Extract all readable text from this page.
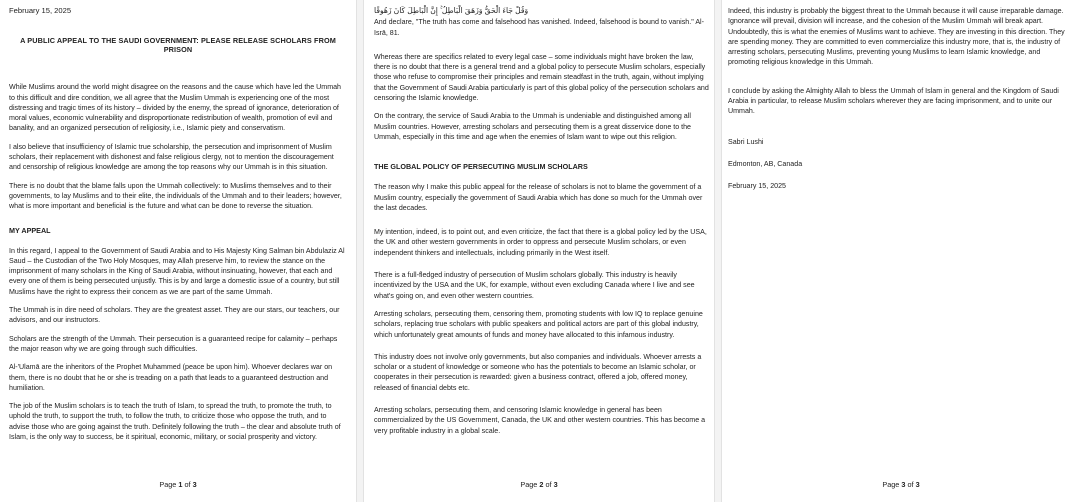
February 15, 2025

A PUBLIC APPEAL TO THE SAUDI GOVERNMENT: PLEASE RELEASE SCHOLARS FROM PRISON

While Muslims around the world might disagree on the reasons and the cause which have led the Ummah to this difficult and dire condition, we all agree that the Muslim Ummah is experiencing one of the most distressing and tragic times of its history – divided by the enemy, the spread of ignorance, deterioration of moral values, economic vulnerability and disproportionate redistribution of wealth, promotion of evil and banality, and an organized persecution of religiosity, i.e., Islamic piety and conservatism.

I also believe that insufficiency of Islamic true scholarship, the persecution and imprisonment of Muslim scholars, their replacement with dishonest and false religious clergy, not to mention the discouragement and censorship of religious knowledge are among the top reasons why our Ummah is in this situation.

There is no doubt that the blame falls upon the Ummah collectively: to Muslims themselves and to their governments, to lay Muslims and to their elite, the individuals of the Ummah and to their leaders; however, what is more important and beneficial is the future and what can be done to reverse the situation.

MY APPEAL

In this regard, I appeal to the Government of Saudi Arabia and to His Majesty King Salman bin Abdulaziz Al Saud – the Custodian of the Two Holy Mosques, may Allah preserve him, to review the stance on the imprisonment of many scholars in the King of Saudi Arabia, without insinuating, however, that each and every one of them is being persecuted unjustly. This is by and large a domestic issue of a country, but still Muslims have the right to express their concern as we are part of the same Ummah.

The Ummah is in dire need of scholars. They are the greatest asset. They are our stars, our teachers, our advisors, and our instructors.

Scholars are the strength of the Ummah. Their persecution is a guaranteed recipe for calamity – perhaps the major reason why we are going through such difficulties.

Al-'Ulamā are the inheritors of the Prophet Muhammed (peace be upon him). Whoever declares war on them, there is no doubt that he or she is treading on a path that leads to a guaranteed destruction and humiliation.

The job of the Muslim scholars is to teach the truth of Islam, to spread the truth, to promote the truth, to uphold the truth, to support the truth, to follow the truth, to criticize those who oppose the truth, and to advise those who are going against the truth. Definitely following the truth – the clear and absolute truth of Islam, is the only way to success, be it spiritual, economic, military, or social prosperity and victory.

Page 1 of 3

وَقُلْ جَاءَ الْحَقُّ وَزَهَقَ الْبَاطِلُ ۚ إِنَّ الْبَاطِلَ كَانَ زَهُوقًا

And declare, "The truth has come and falsehood has vanished. Indeed, falsehood is bound to vanish." Al-Isrā, 81.

Whereas there are specifics related to every legal case – some individuals might have broken the law, there is no doubt that there is a general trend and a global policy to persecute Muslim scholars, especially those who refuse to compromise their principles and remain steadfast in the truth, again, without implying that the Government of Saudi Arabia particularly is part of this global policy of the persecution scholars and censoring the Islamic knowledge.

On the contrary, the service of Saudi Arabia to the Ummah is undeniable and distinguished among all Muslim countries. However, arresting scholars and persecuting them is a great disservice done to the Ummah, especially in this time and age when the enemies of Islam want to wipe out this religion.

THE GLOBAL POLICY OF PERSECUTING MUSLIM SCHOLARS

The reason why I make this public appeal for the release of scholars is not to blame the government of a Muslim country, especially the government of Saudi Arabia which has done so much for the Ummah over the last decades.

My intention, indeed, is to point out, and even criticize, the fact that there is a global policy led by the USA, the UK and other western governments in order to oppress and persecute Muslim scholars, or even independent thinkers and intellectuals, including primarily in the West itself.

There is a full-fledged industry of persecution of Muslim scholars globally. This industry is heavily incentivized by the USA and the UK, for example, without even excluding Canada where I live and see what's going on, and even other western countries.

Arresting scholars, persecuting them, censoring them, promoting students with low IQ to replace genuine scholars, replacing true scholars with public speakers and political actors are part of this global industry, which unfortunately great amounts of funds and money have allocated to this infamous industry.

This industry does not involve only governments, but also companies and individuals. Whoever arrests a scholar or a student of knowledge or someone who has the potentials to become an Islamic scholar, or cooperates in their persecution is rewarded: given a business contract, offered a job, offered money, released of financial debts etc.

Arresting scholars, persecuting them, and censoring Islamic knowledge in general has been commercialized by the US Government, Canada, the UK and other western countries. This has become a very profitable industry in a global scale.

Page 2 of 3

Indeed, this industry is probably the biggest threat to the Ummah because it will cause irreparable damage. Ignorance will prevail, division will increase, and the cohesion of the Muslim Ummah will break apart. Undoubtedly, this is what the enemies of Muslims want to achieve. They are investing in this direction. They are spending money. They are committed to even commercialize this industry more, that is, the industry of arresting scholars, persecuting Muslims, preventing young Muslims to learn Islamic knowledge, and promoting religious knowledge in this Ummah.

I conclude by asking the Almighty Allah to bless the Ummah of Islam in general and the Kingdom of Saudi Arabia in particular, to release Muslim scholars wherever they are facing imprisonment, and to unite our Ummah.

Sabri Lushi

Edmonton, AB, Canada

February 15, 2025

Page 3 of 3
